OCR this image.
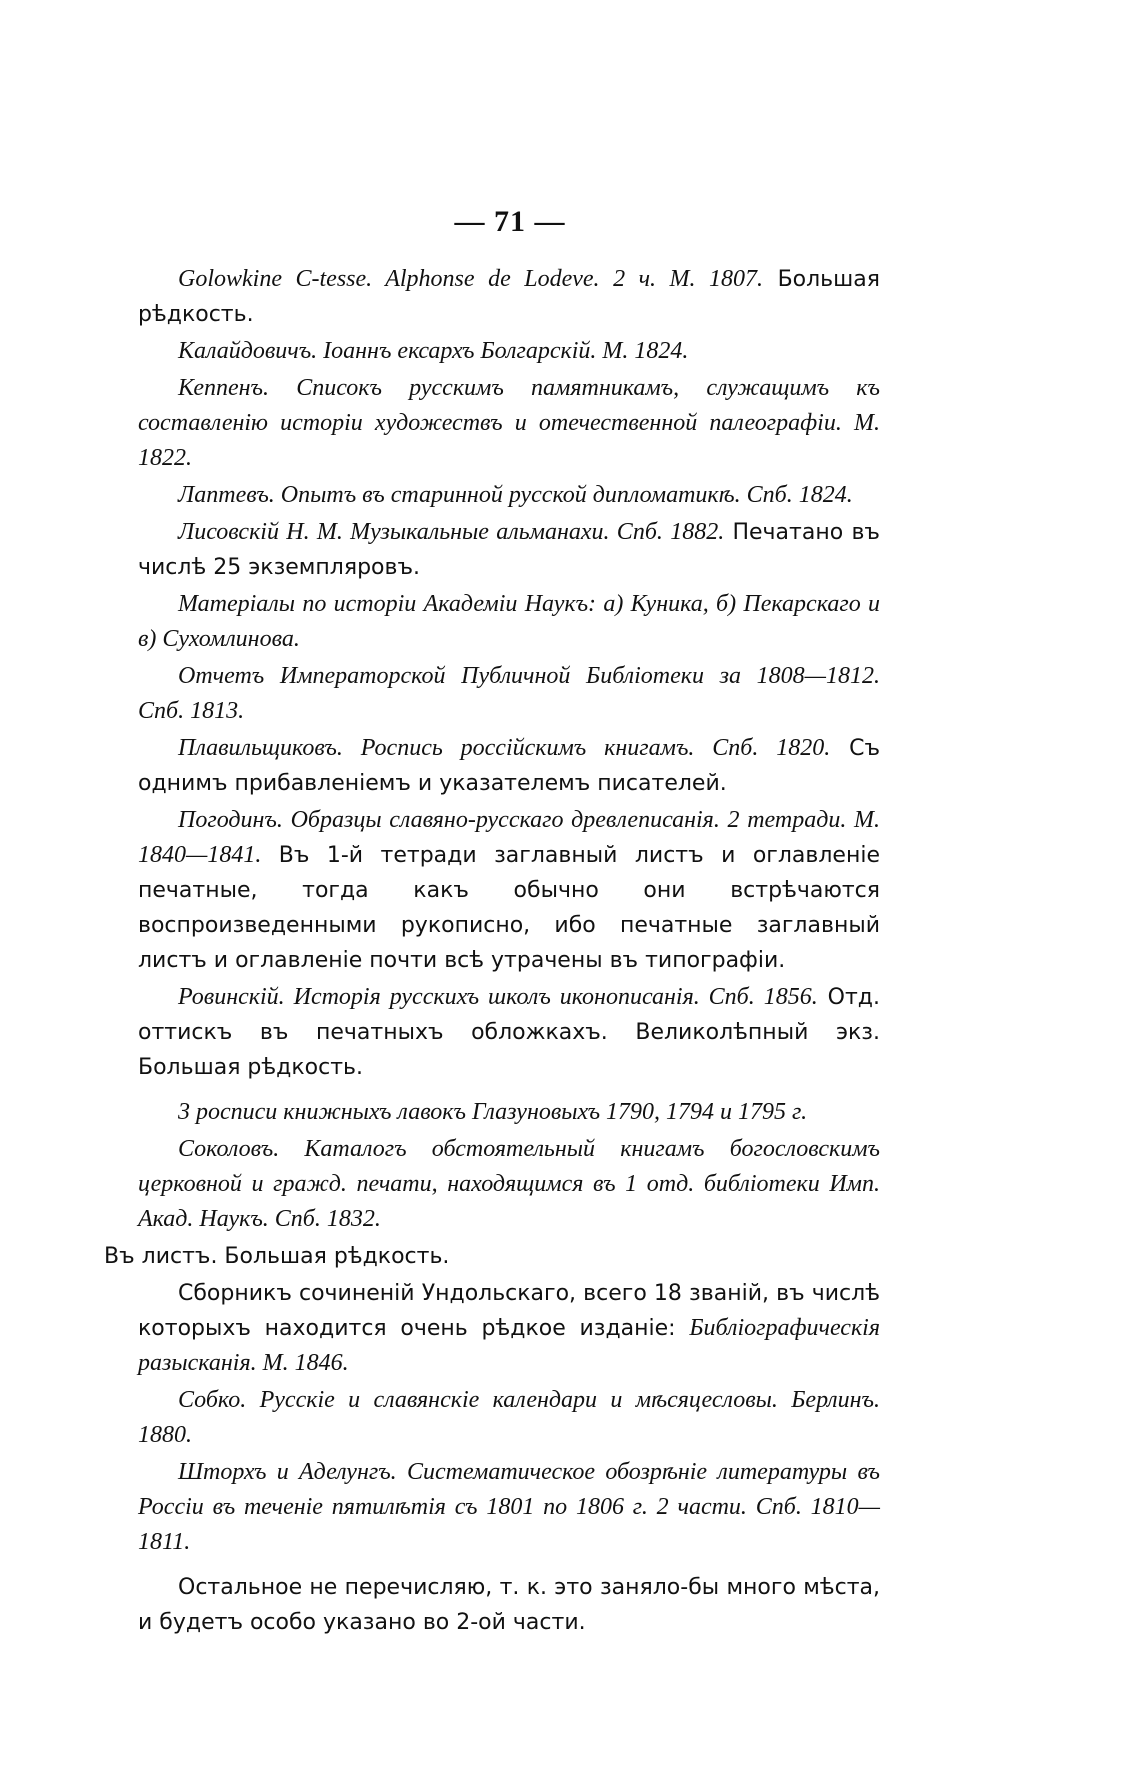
— 71 —

Golowkine C-tesse. Alphonse de Lodeve. 2 ч. М. 1807. Большая рѣдкость.

Калайдовичъ. Іоаннъ ексархъ Болгарскій. М. 1824.

Кеппенъ. Списокъ русскимъ памятникамъ, служащимъ къ составленію исторіи художествъ и отечественной палеографіи. М. 1822.

Лаптевъ. Опытъ въ старинной русской дипломатикѣ. Спб. 1824.

Лисовскій Н. М. Музыкальные альманахи. Спб. 1882. Печатано въ числѣ 25 экземпляровъ.

Матеріалы по исторіи Академіи Наукъ: а) Куника, б) Пекарскаго и в) Сухомлинова.

Отчетъ Императорской Публичной Библіотеки за 1808—1812. Спб. 1813.

Плавильщиковъ. Роспись россійскимъ книгамъ. Спб. 1820. Съ однимъ прибавленіемъ и указателемъ писателей.

Погодинъ. Образцы славяно-русскаго древлеписанія. 2 тетради. М. 1840—1841. Въ 1-й тетради заглавный листъ и оглавленіе печатные, тогда какъ обычно они встрѣчаются воспроизведенными рукописно, ибо печатные заглавный листъ и оглавленіе почти всѣ утрачены въ типографіи.

Ровинскій. Исторія русскихъ школъ иконописанія. Спб. 1856. Отд. оттискъ въ печатныхъ обложкахъ. Великолѣпный экз. Большая рѣдкость.

3 росписи книжныхъ лавокъ Глазуновыхъ 1790, 1794 и 1795 г.

Соколовъ. Каталогъ обстоятельный книгамъ богословскимъ церковной и гражд. печати, находящимся въ 1 отд. библіотеки Имп. Акад. Наукъ. Спб. 1832.

Въ листъ. Большая рѣдкость.

Сборникъ сочиненій Ундольскаго, всего 18 званій, въ числѣ которыхъ находится очень рѣдкое изданіе: Библіографическія разысканія. М. 1846.

Собко. Русскіе и славянскіе календари и мѣсяцесловы. Берлинъ. 1880.

Шторхъ и Аделунгъ. Систематическое обозрѣніе литературы въ Россіи въ теченіе пятилѣтія съ 1801 по 1806 г. 2 части. Спб. 1810—1811.

Остальное не перечисляю, т. к. это заняло-бы много мѣста, и будетъ особо указано во 2-ой части.
